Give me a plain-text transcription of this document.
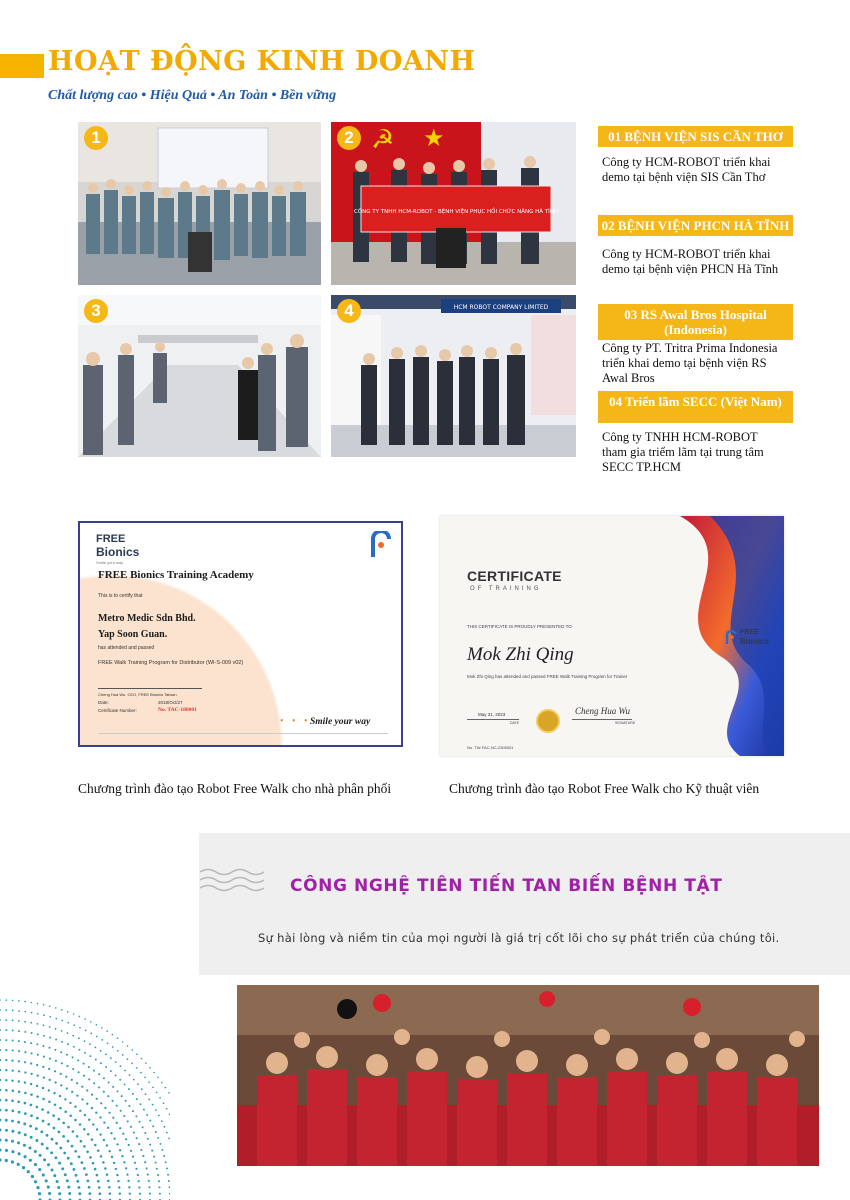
HOẠT ĐỘNG KINH DOANH
Chất lượng cao • Hiệu Quả • An Toàn • Bền vững
1	☭ ★
CÔNG TY TNHH HCM-ROBOT - BỆNH VIỆN PHỤC HỒI CHỨC NĂNG HÀ TĨNH
2
3	HCM ROBOT COMPANY LIMITED
4
01 BỆNH VIỆN SIS CẦN THƠ
Công ty HCM-ROBOT triển khai demo tại bệnh viện SIS Cần Thơ
02 BỆNH VIỆN PHCN HÀ TĨNH
Công ty HCM-ROBOT triển khai demo tại bệnh viện PHCN Hà Tĩnh
03 RS Awal Bros Hospital (Indonesia)
Công ty PT. Tritra Prima Indonesia triển khai demo tại bệnh viện RS Awal Bros
04 Triển lãm SECC (Việt Nam)
Công ty TNHH HCM-ROBOT tham gia triểm lãm tại trung tâm SECC TP.HCM
FREE
Bionics
Smile your way
FREE Bionics Training Academy
This is to certify that
Metro Medic Sdn Bhd.
Yap Soon Guan.
has attended and passed
FREE Walk Training Program for Distributor (WI-S-009 v02)
Cheng Hua Wu, CEO, FREE Bionics Taiwan
Date:	2018/Oct/27
Certificate Number:	No. TAC-180001
• • • Smile your way
CERTIFICATE
OF TRAINING
THIS CERTIFICATE IS PROUDLY PRESENTED TO
Mok Zhi Qing
Mok Zhi Qing has attended and passed FREE Walk Training Program for Trainer
May 31, 2023
DATE
Cheng Hua Wu
SIGNATURE
No. TW-FAC-NC-2305001
FREE
Bionics
Chương trình đào tạo Robot Free Walk cho nhà phân phối	Chương trình đào tạo Robot Free Walk cho Kỹ thuật viên
CÔNG NGHỆ TIÊN TIẾN TAN BIẾN BỆNH TẬT
Sự hài lòng và niềm tin của mọi người là giá trị cốt lõi cho sự phát triển của chúng tôi.
